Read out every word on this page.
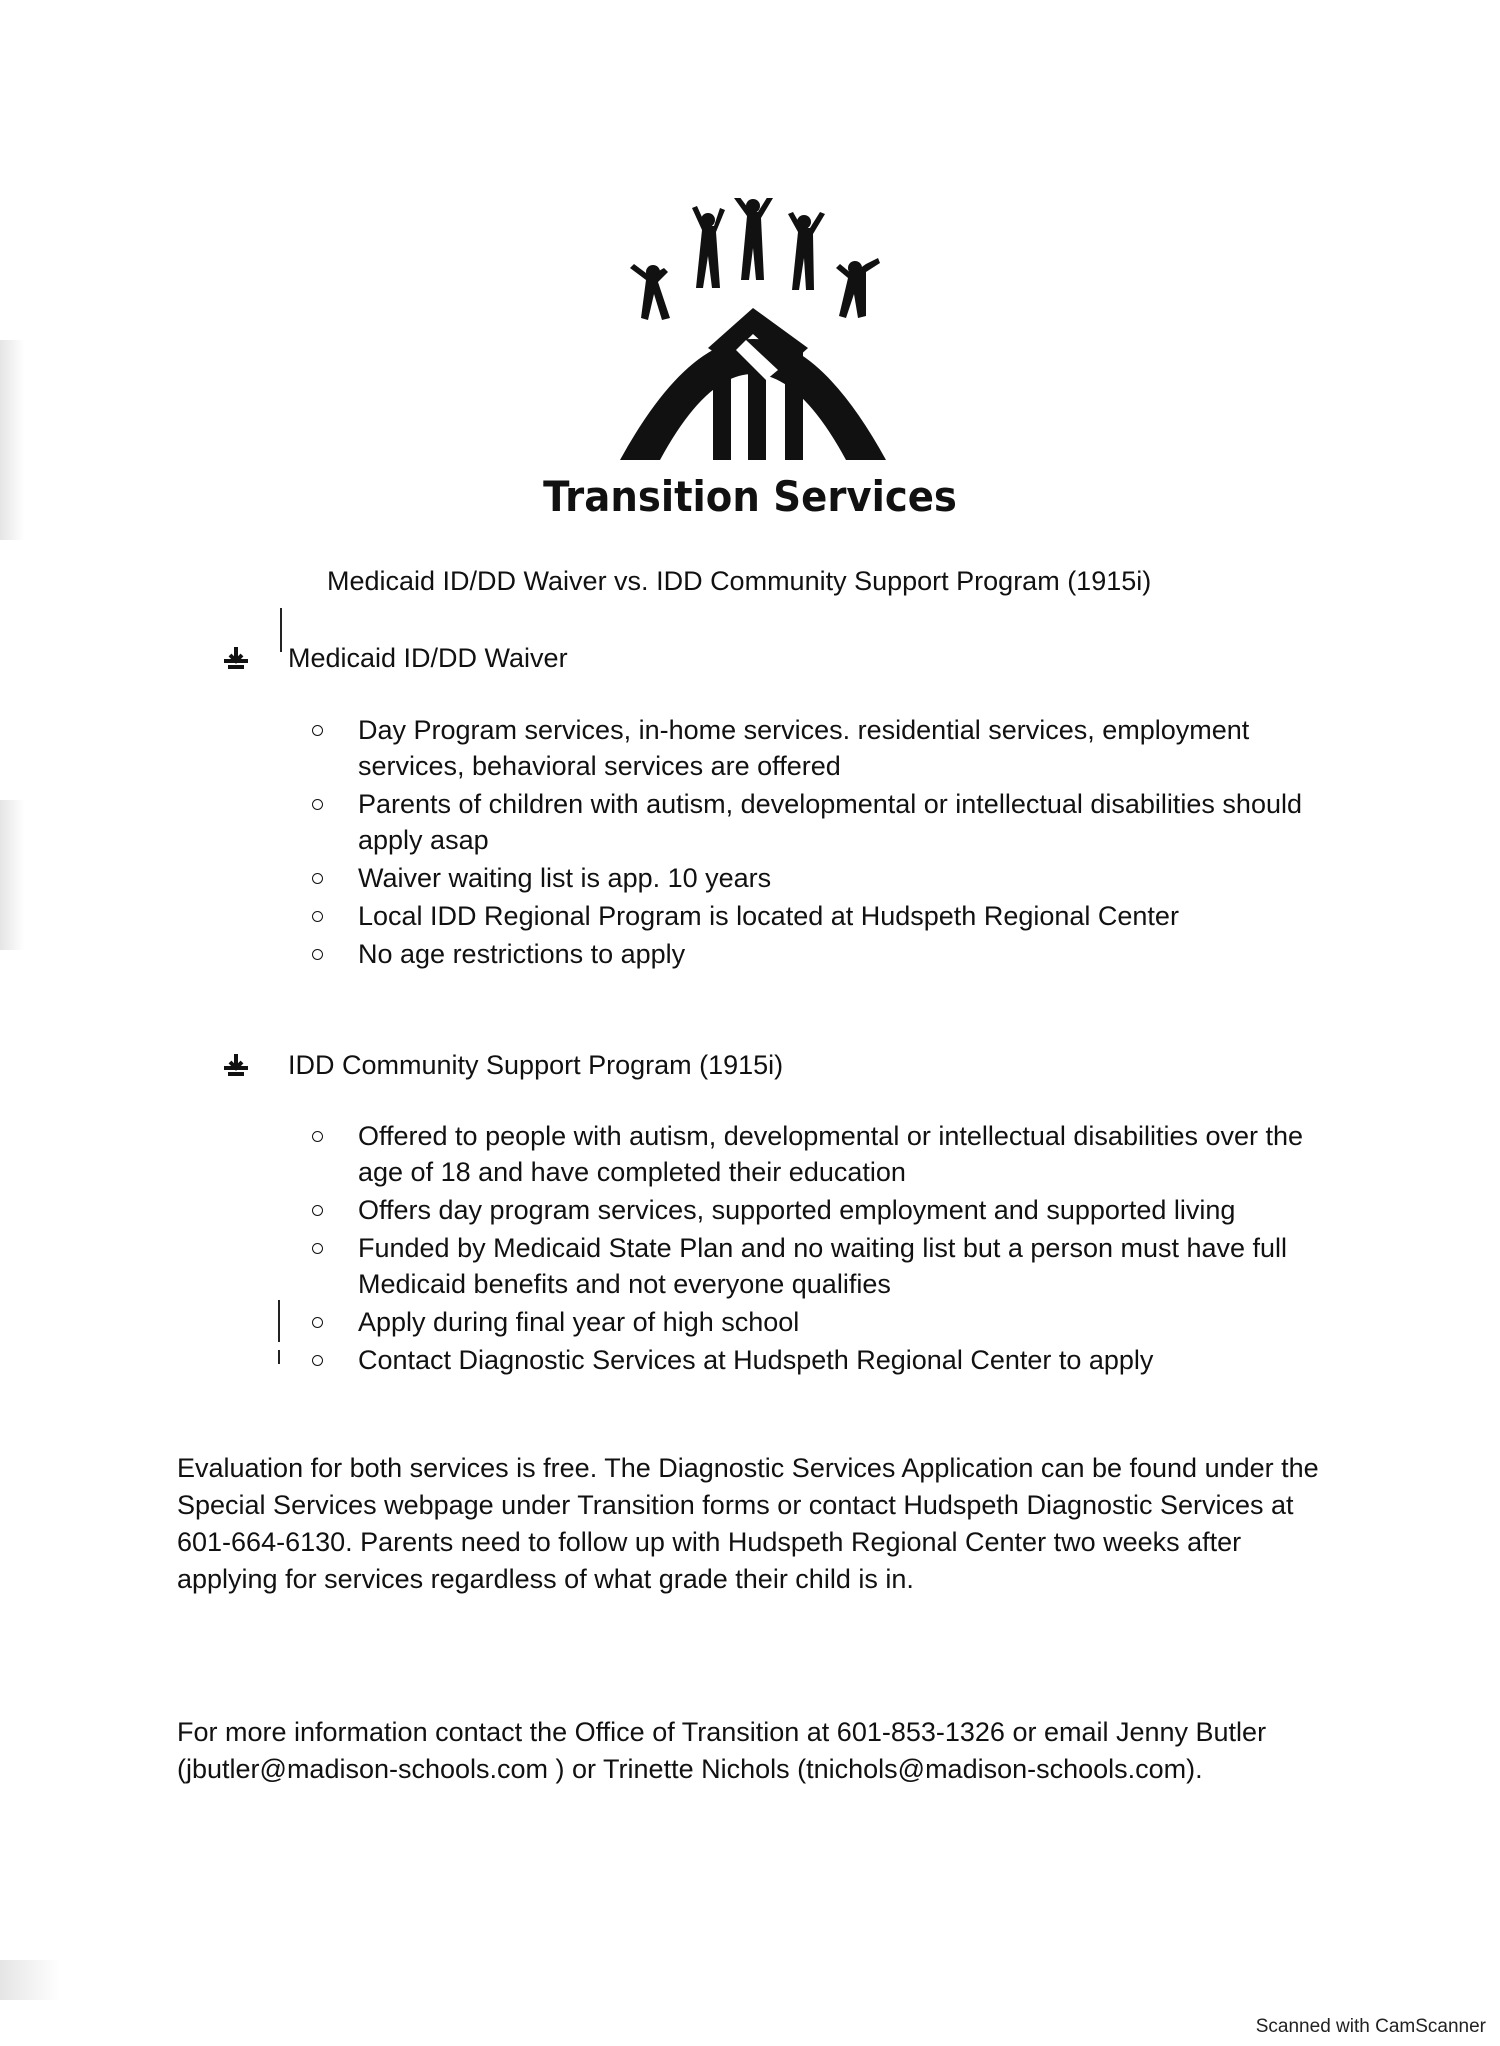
Transition Services
Medicaid ID/DD Waiver vs. IDD Community Support Program (1915i)
Medicaid ID/DD Waiver
Day Program services, in-home services. residential services, employment services, behavioral services are offered
Parents of children with autism, developmental or intellectual disabilities should apply asap
Waiver waiting list is app. 10 years
Local IDD Regional Program is located at Hudspeth Regional Center
No age restrictions to apply
IDD Community Support Program (1915i)
Offered to people with autism, developmental or intellectual disabilities over the age of 18 and have completed their education
Offers day program services, supported employment and supported living
Funded by Medicaid State Plan and no waiting list but a person must have full Medicaid benefits and not everyone qualifies
Apply during final year of high school
Contact Diagnostic Services at Hudspeth Regional Center to apply

Evaluation for both services is free. The Diagnostic Services Application can be found under the Special Services webpage under Transition forms or contact Hudspeth Diagnostic Services at 601-664-6130. Parents need to follow up with Hudspeth Regional Center two weeks after applying for services regardless of what grade their child is in.

For more information contact the Office of Transition at 601-853-1326 or email Jenny Butler (jbutler@madison-schools.com ) or Trinette Nichols (tnichols@madison-schools.com).

Scanned with CamScanner
